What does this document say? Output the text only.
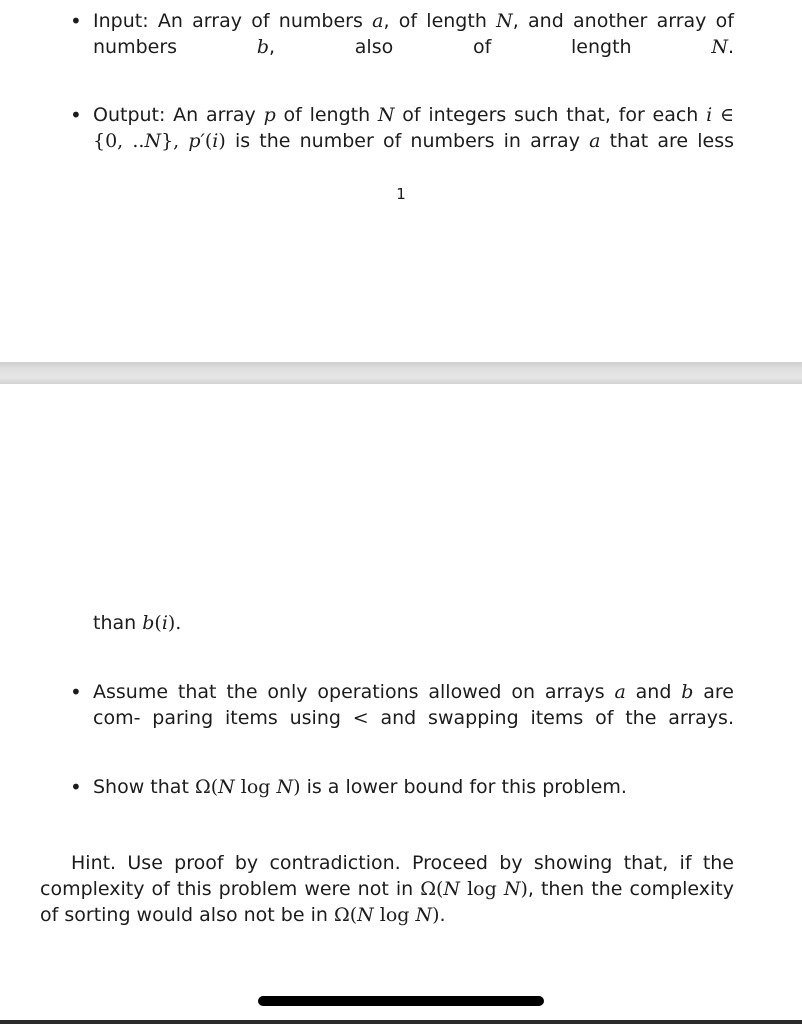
• Input: An array of numbers a, of length N, and another array of numbers b, also of length N.
• Output: An array p of length N of integers such that, for each i ∈ {0, ..N}, p′(i) is the number of numbers in array a that are less
1
than b(i).
• Assume that the only operations allowed on arrays a and b are com- paring items using < and swapping items of the arrays.
• Show that Ω(N log N) is a lower bound for this problem.
Hint. Use proof by contradiction. Proceed by showing that, if the complexity of this problem were not in Ω(N log N), then the complexity of sorting would also not be in Ω(N log N).
